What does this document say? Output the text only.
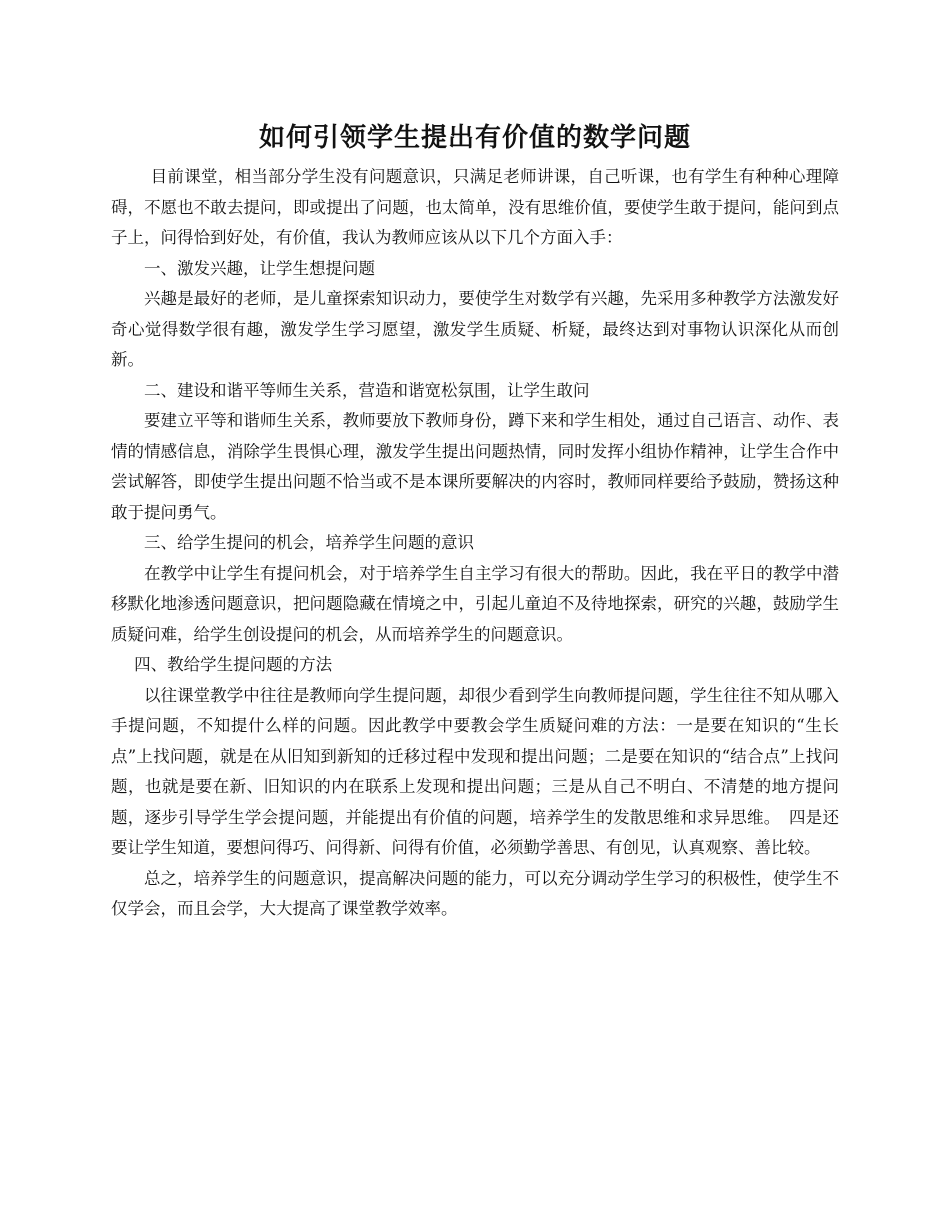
如何引领学生提出有价值的数学问题

目前课堂，相当部分学生没有问题意识，只满足老师讲课，自己听课，也有学生有种种心理障碍，不愿也不敢去提问，即或提出了问题，也太简单，没有思维价值，要使学生敢于提问，能问到点子上，问得恰到好处，有价值，我认为教师应该从以下几个方面入手：

一、激发兴趣，让学生想提问题

兴趣是最好的老师，是儿童探索知识动力，要使学生对数学有兴趣，先采用多种教学方法激发好奇心觉得数学很有趣，激发学生学习愿望，激发学生质疑、析疑，最终达到对事物认识深化从而创新。

二、建设和谐平等师生关系，营造和谐宽松氛围，让学生敢问

要建立平等和谐师生关系，教师要放下教师身份，蹲下来和学生相处，通过自己语言、动作、表情的情感信息，消除学生畏惧心理，激发学生提出问题热情，同时发挥小组协作精神，让学生合作中尝试解答，即使学生提出问题不恰当或不是本课所要解决的内容时，教师同样要给予鼓励，赞扬这种敢于提问勇气。

三、给学生提问的机会，培养学生问题的意识

在教学中让学生有提问机会，对于培养学生自主学习有很大的帮助。因此，我在平日的教学中潜移默化地渗透问题意识，把问题隐藏在情境之中，引起儿童迫不及待地探索，研究的兴趣，鼓励学生质疑问难，给学生创设提问的机会，从而培养学生的问题意识。

四、教给学生提问题的方法

以往课堂教学中往往是教师向学生提问题，却很少看到学生向教师提问题，学生往往不知从哪入手提问题，不知提什么样的问题。因此教学中要教会学生质疑问难的方法：一是要在知识的“生长点”上找问题，就是在从旧知到新知的迁移过程中发现和提出问题；二是要在知识的“结合点”上找问题，也就是要在新、旧知识的内在联系上发现和提出问题；三是从自己不明白、不清楚的地方提问题，逐步引导学生学会提问题，并能提出有价值的问题，培养学生的发散思维和求异思维。　四是还要让学生知道，要想问得巧、问得新、问得有价值，必须勤学善思、有创见，认真观察、善比较。

总之，培养学生的问题意识，提高解决问题的能力，可以充分调动学生学习的积极性，使学生不仅学会，而且会学，大大提高了课堂教学效率。
